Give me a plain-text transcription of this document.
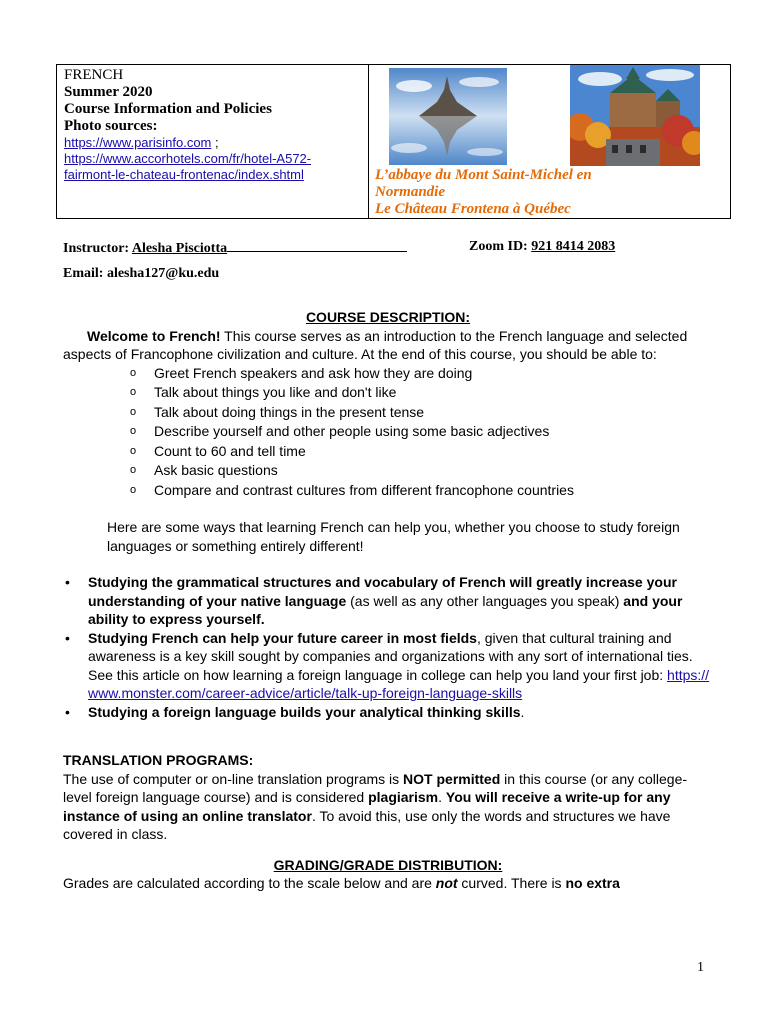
FRENCH
Summer 2020
Course Information and Policies
Photo sources:
https://www.parisinfo.com ;
https://www.accorhotels.com/fr/hotel-A572-
fairmont-le-chateau-frontenac/index.shtml	L’abbaye du Mont Saint-Michel en
Normandie
Le Château Frontena à Québec
Instructor: Alesha Pisciotta	Zoom ID: 921 8414 2083
Email: alesha127@ku.edu
COURSE DESCRIPTION:
Welcome to French! This course serves as an introduction to the French language and selected aspects of Francophone civilization and culture. At the end of this course, you should be able to:
o Greet French speakers and ask how they are doing
o Talk about things you like and don't like
o Talk about doing things in the present tense
o Describe yourself and other people using some basic adjectives
o Count to 60 and tell time
o Ask basic questions
o Compare and contrast cultures from different francophone countries
Here are some ways that learning French can help you, whether you choose to study foreign languages or something entirely different!
• Studying the grammatical structures and vocabulary of French will greatly increase your understanding of your native language (as well as any other languages you speak) and your ability to express yourself.
• Studying French can help your future career in most fields, given that cultural training and awareness is a key skill sought by companies and organizations with any sort of international ties. See this article on how learning a foreign language in college can help you land your first job: https://www.monster.com/career-advice/article/talk-up-foreign-language-skills
• Studying a foreign language builds your analytical thinking skills.
TRANSLATION PROGRAMS:
The use of computer or on-line translation programs is NOT permitted in this course (or any college-level foreign language course) and is considered plagiarism. You will receive a write-up for any instance of using an online translator. To avoid this, use only the words and structures we have covered in class.
GRADING/GRADE DISTRIBUTION:
Grades are calculated according to the scale below and are not curved. There is no extra
1
